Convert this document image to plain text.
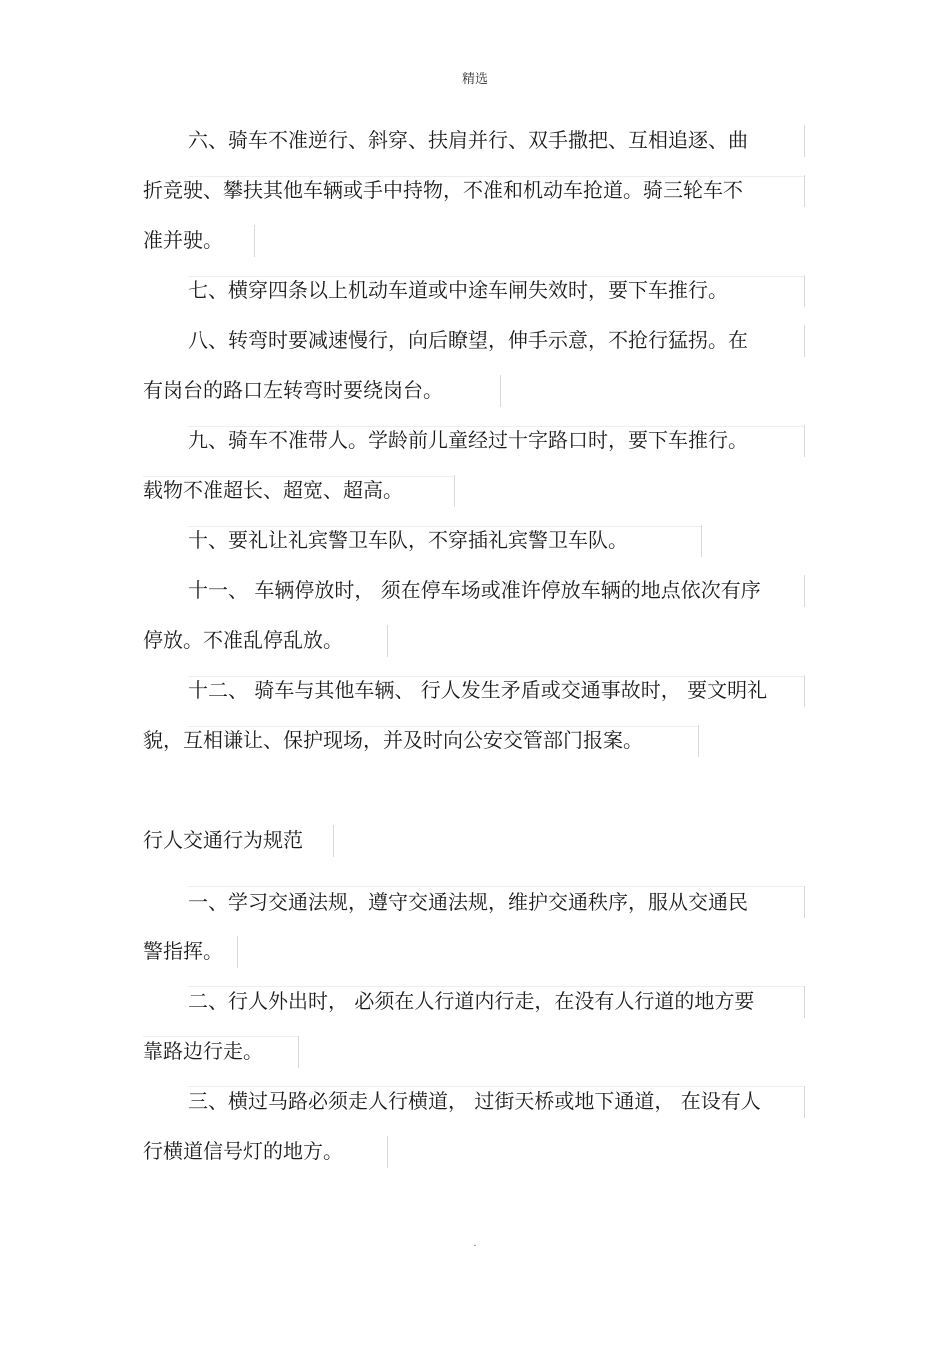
精选
六、骑车不准逆行、斜穿、扶肩并行、双手撒把、互相追逐、曲
折竞驶、攀扶其他车辆或手中持物，不准和机动车抢道。骑三轮车不
准并驶。
七、横穿四条以上机动车道或中途车闸失效时，要下车推行。
八、转弯时要减速慢行，向后瞭望，伸手示意，不抢行猛拐。在
有岗台的路口左转弯时要绕岗台。
九、骑车不准带人。学龄前儿童经过十字路口时，要下车推行。
载物不准超长、超宽、超高。
十、要礼让礼宾警卫车队，不穿插礼宾警卫车队。
十一、 车辆停放时， 须在停车场或准许停放车辆的地点依次有序
停放。不准乱停乱放。
十二、 骑车与其他车辆、 行人发生矛盾或交通事故时， 要文明礼
貌，互相谦让、保护现场，并及时向公安交管部门报案。
行人交通行为规范
一、学习交通法规，遵守交通法规，维护交通秩序，服从交通民
警指挥。
二、行人外出时， 必须在人行道内行走，在没有人行道的地方要
靠路边行走。
三、横过马路必须走人行横道， 过街天桥或地下通道， 在设有人
行横道信号灯的地方。
.
